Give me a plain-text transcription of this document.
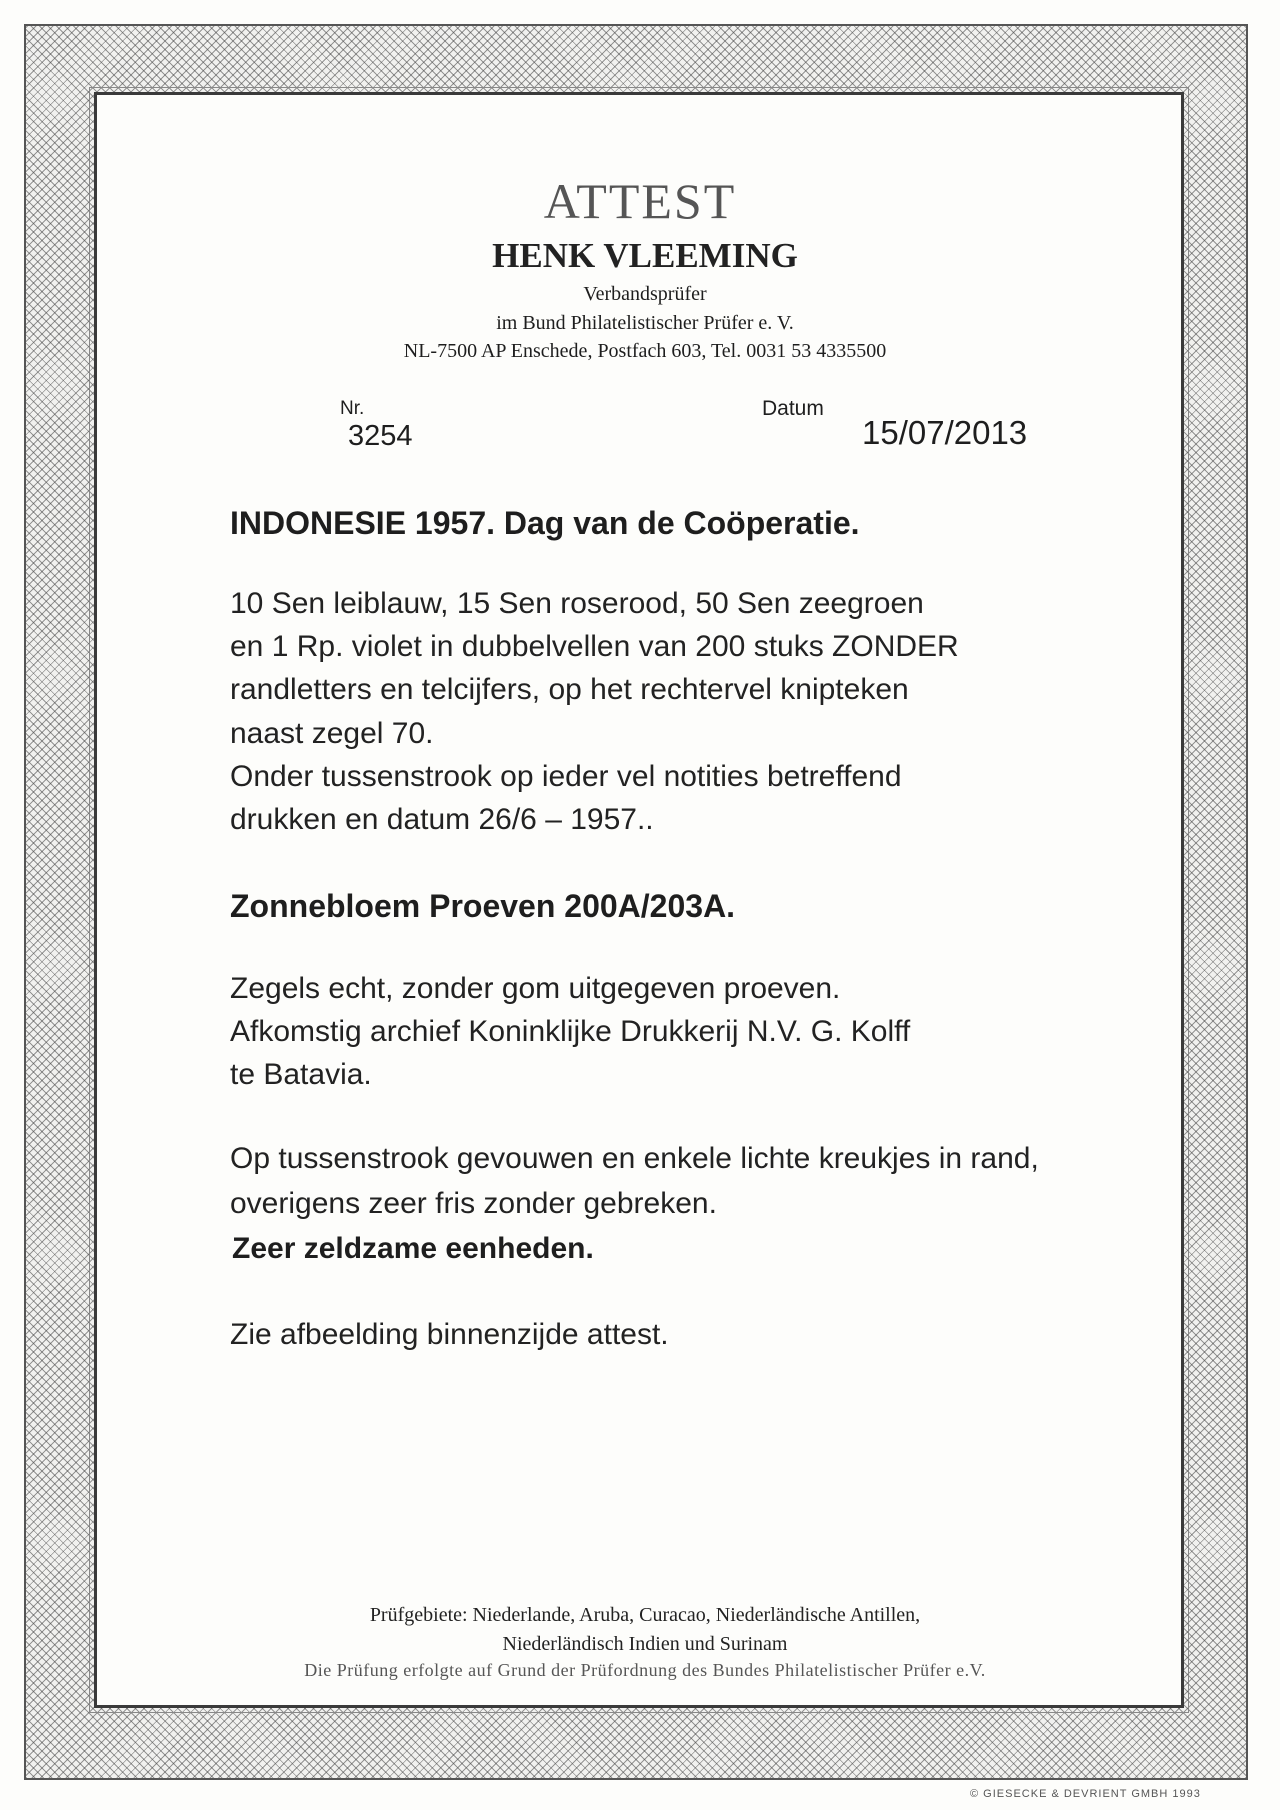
ATTEST
HENK VLEEMING
Verbandsprüfer
im Bund Philatelistischer Prüfer e. V.
NL-7500 AP Enschede, Postfach 603, Tel. 0031 53 4335500
Nr.
3254
Datum
15/07/2013
INDONESIE 1957. Dag van de Coöperatie.
10 Sen leiblauw, 15 Sen roserood, 50 Sen zeegroen
en 1 Rp. violet in dubbelvellen van 200 stuks ZONDER
randletters en telcijfers, op het rechtervel knipteken
naast zegel 70.
Onder tussenstrook op ieder vel notities betreffend
drukken en datum 26/6 – 1957..
Zonnebloem Proeven 200A/203A.
Zegels echt, zonder gom uitgegeven proeven.
Afkomstig archief Koninklijke Drukkerij N.V. G. Kolff
te Batavia.
Op tussenstrook gevouwen en enkele lichte kreukjes in rand,
overigens zeer fris zonder gebreken.
Zeer zeldzame eenheden.
Zie afbeelding binnenzijde attest.
Prüfgebiete: Niederlande, Aruba, Curacao, Niederländische Antillen,
Niederländisch Indien und Surinam
Die Prüfung erfolgte auf Grund der Prüfordnung des Bundes Philatelistischer Prüfer e.V.
© GIESECKE & DEVRIENT GMBH 1993
